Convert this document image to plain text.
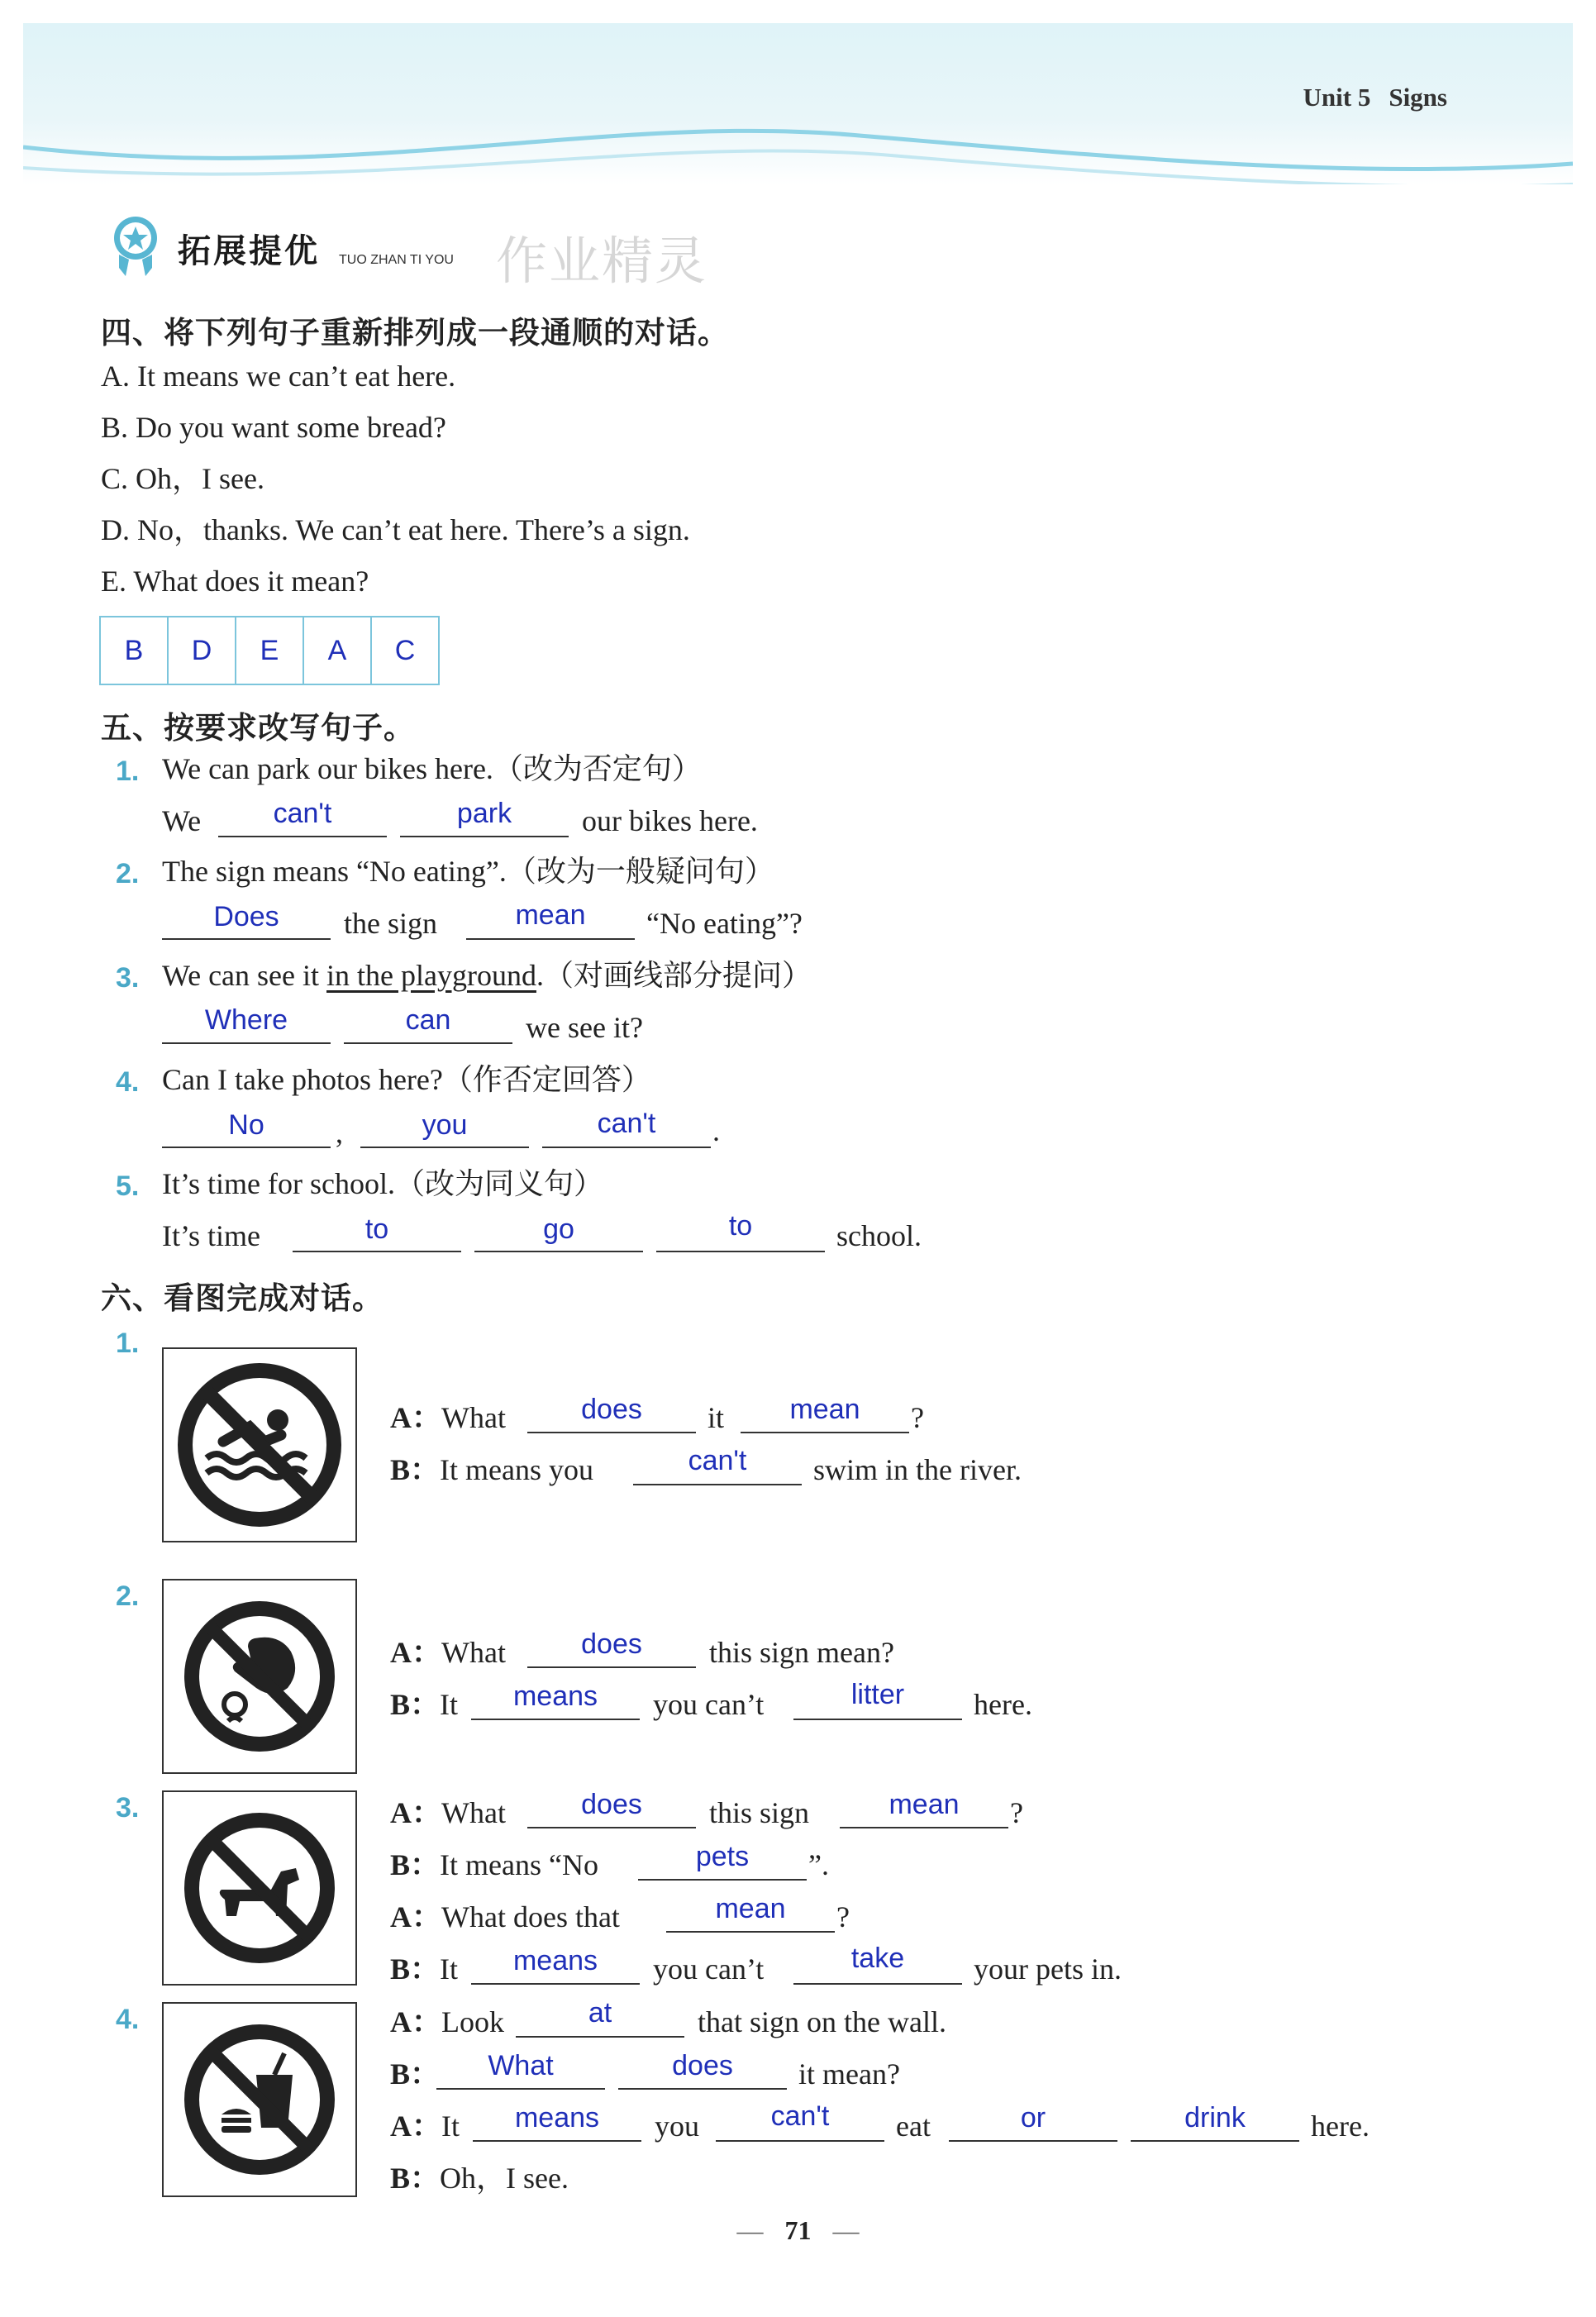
Unit 5 Signs
拓展提优 TUO ZHAN TI YOU 作业精灵
四、将下列句子重新排列成一段通顺的对话。
A. It means we can’t eat here.
B. Do you want some bread?
C. Oh，I see.
D. No，thanks. We can’t eat here. There’s a sign.
E. What does it mean?
B	D	E	A	C
五、按要求改写句子。
1. We can park our bikes here.（改为否定句）
We	can't	park	our bikes here.
2. The sign means “No eating”.（改为一般疑问句）
Does	the sign	mean	“No eating”?
3. We can see it in the playground.（对画线部分提问）
Where	can	we see it?
4. Can I take photos here?（作否定回答）
No	,	you	can't	.
5. It’s time for school.（改为同义句）
It’s time	to	go	to	school.
六、看图完成对话。
1.
A：What	does	it	mean	?
B：It means you	can't	swim in the river.
2.
A：What	does	this sign mean?
B：It	means	you can’t	litter	here.
3.	A：What	does	this sign	mean	?
B：It means “No	pets	”.
A：What does that	mean	?
B：It	means	you can’t	take	your pets in.
4.	A：Look	at	that sign on the wall.
B：	What	does	it mean?
A：It	means	you	can't	eat	or	drink	here.
B：Oh，I see.
— 71 —
